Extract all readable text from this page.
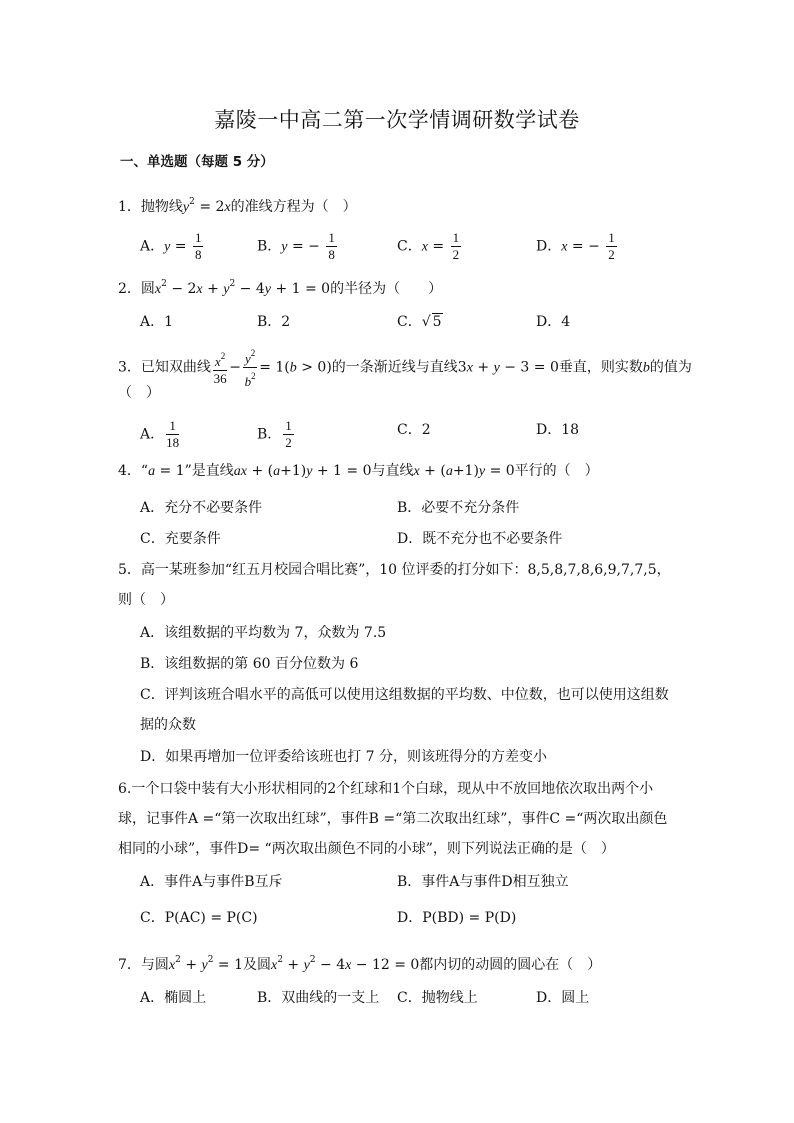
嘉陵一中高二第一次学情调研数学试卷
一、单选题（每题 5 分）
1．抛物线$y^2 = 2x$的准线方程为（　）
A．$y = \frac{1}{8}$	B．y = − $\frac{1}{8}$	C．$x = \frac{1}{2}$	D．x = − $\frac{1}{2}$
2．圆$x^2 - 2x + y^2 - 4y + 1 = 0$的半径为（　　）
A．1	B．2	C．√ 5	D．4
3．已知双曲线 $\frac{x^2}{36} - \frac{y^2}{b^2} = 1(b > 0)$的一条渐近线与直线3x + y − 3 = 0垂直，则实数b的值为
（　）
A． $\frac{1}{18}$	B． $\frac{1}{2}$	C．2	D．18
4．“a = 1”是直线ax + (a+1)y + 1 = 0与直线x + (a+1)y = 0平行的（　）
A．充分不必要条件	B．必要不充分条件
C．充要条件	D．既不充分也不必要条件
5．高一某班参加“红五月校园合唱比赛”，10 位评委的打分如下：8,5,8,7,8,6,9,7,7,5，则（　）
A．该组数据的平均数为 7，众数为 7.5
B．该组数据的第 60 百分位数为 6
C．评判该班合唱水平的高低可以使用这组数据的平均数、中位数，也可以使用这组数据的众数
D．如果再增加一位评委给该班也打 7 分，则该班得分的方差变小
6.一个口袋中装有大小形状相同的2个红球和1个白球，现从中不放回地依次取出两个小球，记事件A =“第一次取出红球”，事件B =“第二次取出红球”，事件C =“两次取出颜色相同的小球”，事件D= “两次取出颜色不同的小球”，则下列说法正确的是（　）
A．事件A与事件B互斥	B．事件A与事件D相互独立
C．P(AC) = P(C)	D．P(BD) = P(D)
7．与圆$x^2 + y^2 = 1$及圆$x^2 + y^2 - 4x - 12 = 0$都内切的动圆的圆心在（　）
A．椭圆上	B．双曲线的一支上 C．抛物线上	D．圆上
